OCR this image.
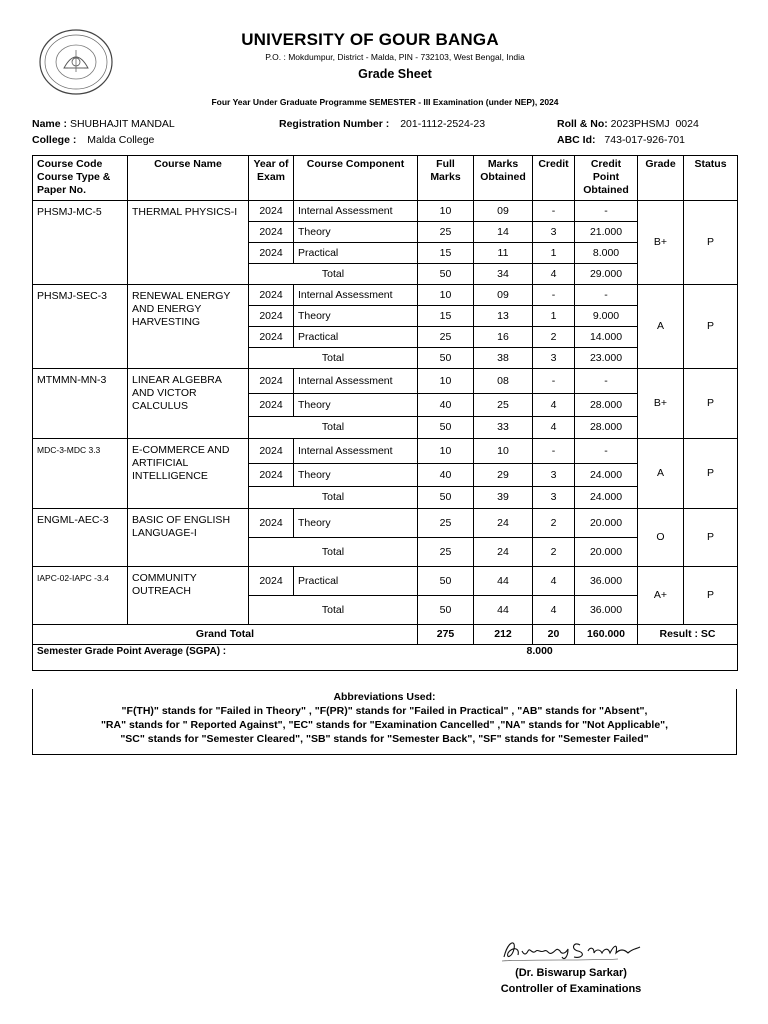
UNIVERSITY OF GOUR BANGA
P.O. : Mokdumpur, District - Malda, PIN - 732103, West Bengal, India
Grade Sheet
Four Year Under Graduate Programme SEMESTER - III Examination (under NEP), 2024
Name : SHUBHAJIT MANDAL	Registration Number : 201-1112-2524-23	Roll & No: 2023PHSMJ  0024
College : Malda College	ABC Id: 743-017-926-701
Course Code Course Type & Paper No.	Course Name	Year of Exam	Course Component	Full Marks	Marks Obtained	Credit	Credit Point Obtained	Grade	Status
PHSMJ-MC-5	THERMAL PHYSICS-I	2024	Internal Assessment	10	09	-	-	B+	P
		2024	Theory	25	14	3	21.000		
		2024	Practical	15	11	1	8.000		
		Total		50	34	4	29.000		
PHSMJ-SEC-3	RENEWAL ENERGY AND ENERGY HARVESTING	2024	Internal Assessment	10	09	-	-	A	P
		2024	Theory	15	13	1	9.000		
		2024	Practical	25	16	2	14.000		
		Total		50	38	3	23.000		
MTMMN-MN-3	LINEAR ALGEBRA AND VICTOR CALCULUS	2024	Internal Assessment	10	08	-	-	B+	P
		2024	Theory	40	25	4	28.000		
		Total		50	33	4	28.000		
MDC-3-MDC 3.3	E-COMMERCE AND ARTIFICIAL INTELLIGENCE	2024	Internal Assessment	10	10	-	-	A	P
		2024	Theory	40	29	3	24.000		
		Total		50	39	3	24.000		
ENGML-AEC-3	BASIC OF ENGLISH LANGUAGE-I	2024	Theory	25	24	2	20.000	O	P
		Total		25	24	2	20.000		
IAPC-02-IAPC -3.4	COMMUNITY OUTREACH	2024	Practical	50	44	4	36.000	A+	P
		Total		50	44	4	36.000		
Grand Total				275	212	20	160.000	Result : SC	
Semester Grade Point Average (SGPA) : 8.000									
Abbreviations Used:
"F(TH)" stands for "Failed in Theory" , "F(PR)" stands for "Failed in Practical" , "AB" stands for "Absent",
"RA" stands for " Reported Against", "EC" stands for "Examination Cancelled" ,"NA" stands for "Not Applicable",
"SC" stands for "Semester Cleared", "SB" stands for "Semester Back", "SF" stands for "Semester Failed"
(Dr. Biswarup Sarkar)
Controller of Examinations
